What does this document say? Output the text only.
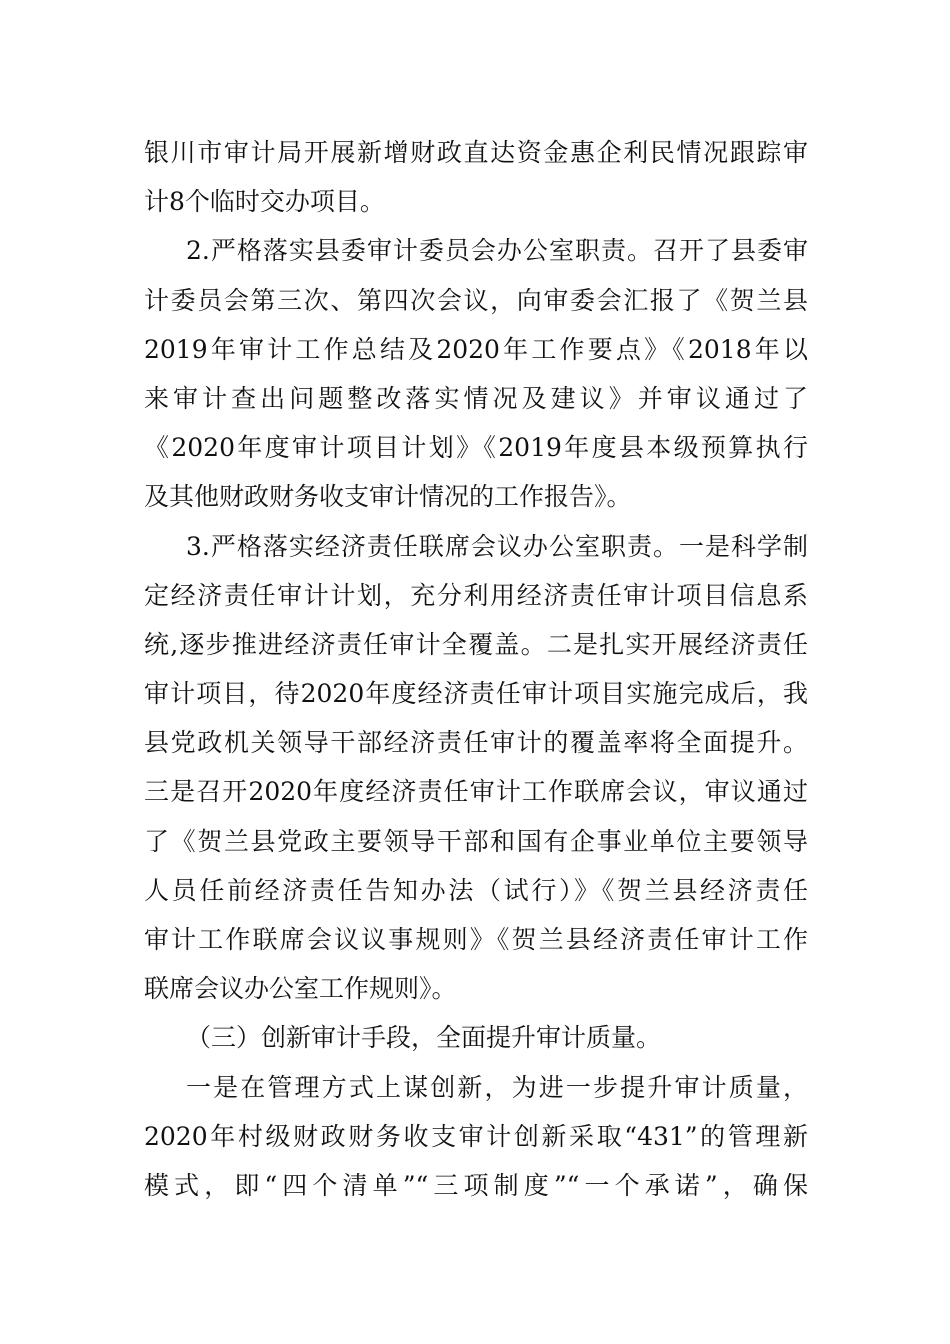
银川市审计局开展新增财政直达资金惠企利民情况跟踪审
计8个临时交办项目。
2.严格落实县委审计委员会办公室职责。召开了县委审
计委员会第三次、第四次会议，向审委会汇报了《贺兰县
2019年审计工作总结及2020年工作要点》《2018年以
来审计查出问题整改落实情况及建议》并审议通过了
《2020年度审计项目计划》《2019年度县本级预算执行
及其他财政财务收支审计情况的工作报告》。
3.严格落实经济责任联席会议办公室职责。一是科学制
定经济责任审计计划，充分利用经济责任审计项目信息系
统,逐步推进经济责任审计全覆盖。二是扎实开展经济责任
审计项目，待2020年度经济责任审计项目实施完成后，我
县党政机关领导干部经济责任审计的覆盖率将全面提升。
三是召开2020年度经济责任审计工作联席会议，审议通过
了《贺兰县党政主要领导干部和国有企事业单位主要领导
人员任前经济责任告知办法（试行）》《贺兰县经济责任
审计工作联席会议议事规则》《贺兰县经济责任审计工作
联席会议办公室工作规则》。
（三）创新审计手段，全面提升审计质量。
一是在管理方式上谋创新，为进一步提升审计质量，
2020年村级财政财务收支审计创新采取“431”的管理新
模式，即“四个清单”“三项制度”“一个承诺”，确保
